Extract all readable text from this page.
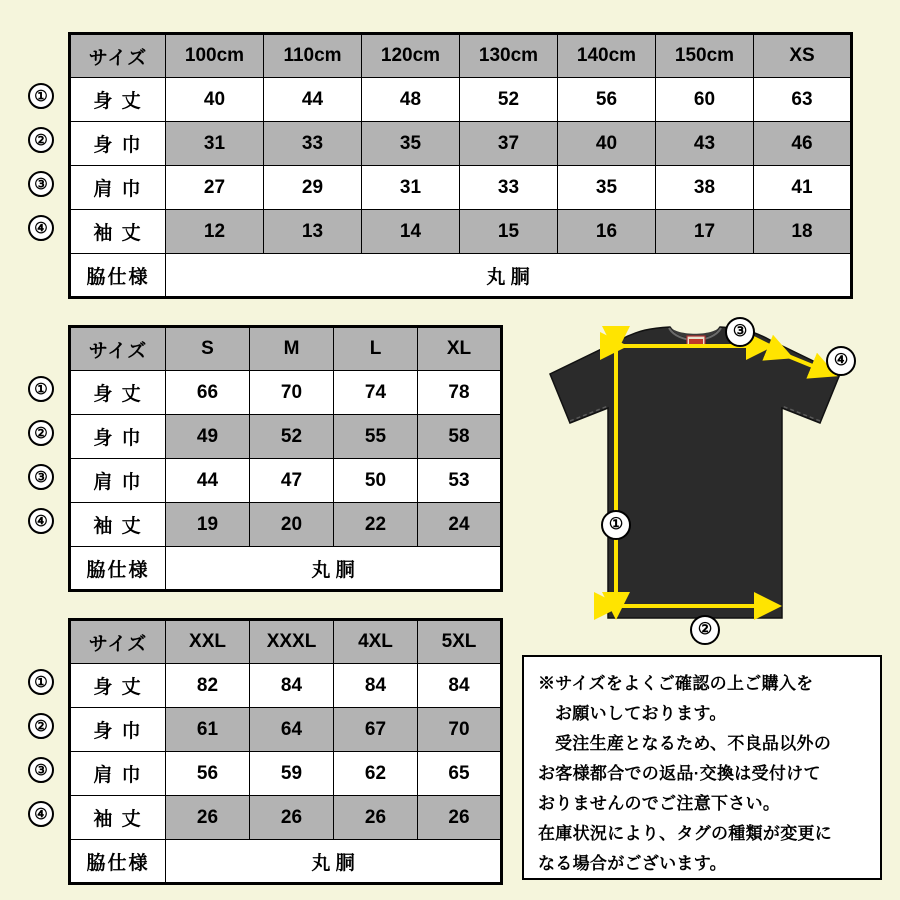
①
②
③
④
サイズ	100cm	110cm	120cm	130cm	140cm	150cm	XS
身 丈	40	44	48	52	56	60	63
身 巾	31	33	35	37	40	43	46
肩 巾	27	29	31	33	35	38	41
袖 丈	12	13	14	15	16	17	18
脇仕様	丸 胴						
①
②
③
④
サイズ	S	M	L	XL
身 丈	66	70	74	78
身 巾	49	52	55	58
肩 巾	44	47	50	53
袖 丈	19	20	22	24
脇仕様	丸 胴			
①
②
③
④
サイズ	XXL	XXXL	4XL	5XL
身 丈	82	84	84	84
身 巾	61	64	67	70
肩 巾	56	59	62	65
袖 丈	26	26	26	26
脇仕様	丸 胴			
③
④
①
②

※サイズをよくご確認の上ご購入を

お願いしております。

受注生産となるため、不良品以外の

お客様都合での返品·交換は受付けて

おりませんのでご注意下さい。

在庫状況により、タグの種類が変更に

なる場合がございます。
